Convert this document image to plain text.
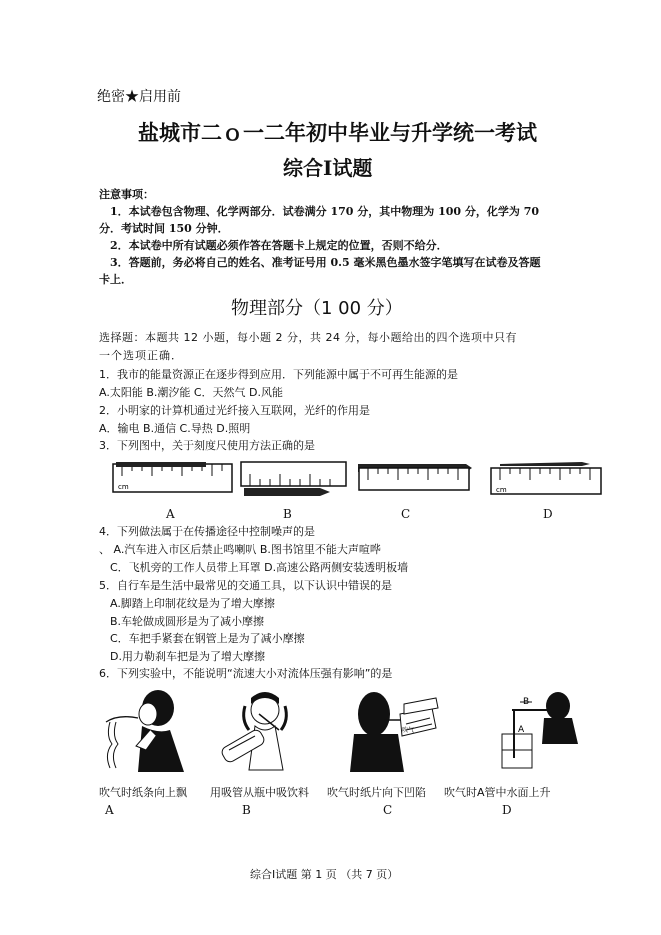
绝密★启用前
盐城市二ｏ一二年初中毕业与升学统一考试
综合Ⅰ试题
注意事项：
1．本试卷包含物理、化学两部分．试卷满分 170 分，其中物理为 100 分，化学为 70
分．考试时间 150 分钟．
2．本试卷中所有试题必须作答在答题卡上规定的位置，否则不给分．
3．答题前，务必将自己的姓名、准考证号用 0.5 毫米黑色墨水签字笔填写在试卷及答题
卡上．
物理部分（1 00 分）
选择题：本题共 12 小题，每小题 2 分，共 24 分，每小题给出的四个选项中只有
一个选项正确．
1．我市的能量资源正在逐步得到应用．下列能源中属于不可再生能源的是
A.太阳能 B.潮汐能 C．天然气 D.风能
2．小明家的计算机通过光纤接入互联网，光纤的作用是
A．输电 B.通信 C.导热 D.照明
3．下列图中，关于刻度尺使用方法正确的是
cm	cm
A	B	C	D
4．下列做法属于在传播途径中控制噪声的是
、 A.汽车进入市区后禁止鸣喇叭 B.图书馆里不能大声喧哗
C．飞机旁的工作人员带上耳罩 D.高速公路两侧安装透明板墙
5．自行车是生活中最常见的交通工具，以下认识中错误的是
A.脚踏上印制花纹是为了增大摩擦
B.车轮做成圆形是为了减小摩擦
C．车把手紧套在钢管上是为了减小摩擦
D.用力勒刹车把是为了增大摩擦
6．下列实验中，不能说明“流速大小对流体压强有影响”的是
吹气
B
A
吹气时纸条向上飘 用吸管从瓶中吸饮料 吹气时纸片向下凹陷 吹气时A管中水面上升
A	B	C	D
综合Ⅰ试题 第 1 页 （共 7 页）
